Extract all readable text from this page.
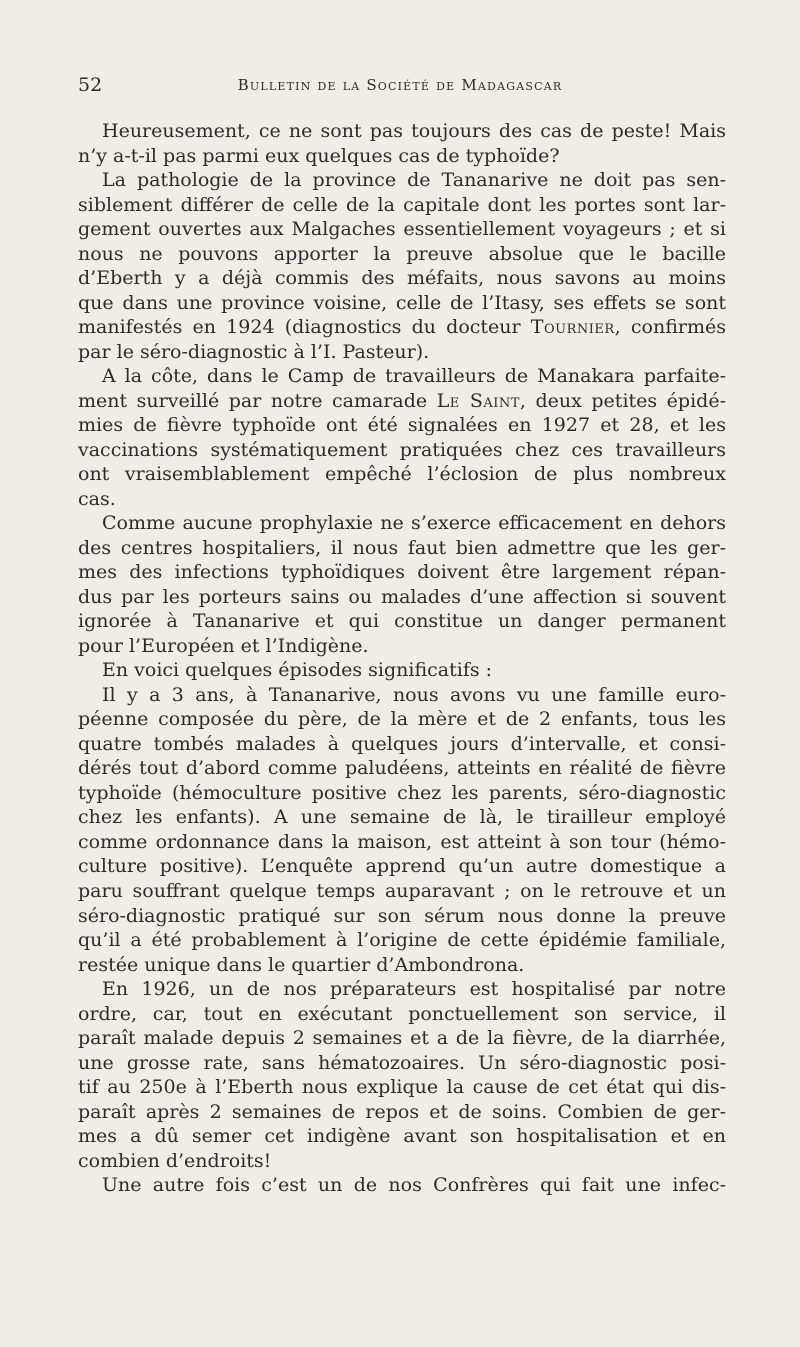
52	Bulletin de la Société de Madagascar
Heureusement, ce ne sont pas toujours des cas de peste! Mais
n’y a-t-il pas parmi eux quelques cas de typhoïde?
La pathologie de la province de Tananarive ne doit pas sen-
siblement différer de celle de la capitale dont les portes sont lar-
gement ouvertes aux Malgaches essentiellement voyageurs ; et si
nous ne pouvons apporter la preuve absolue que le bacille
d’Eberth y a déjà commis des méfaits, nous savons au moins
que dans une province voisine, celle de l’Itasy, ses effets se sont
manifestés en 1924 (diagnostics du docteur Tournier, confirmés
par le séro-diagnostic à l’I. Pasteur).
A la côte, dans le Camp de travailleurs de Manakara parfaite-
ment surveillé par notre camarade Le Saint, deux petites épidé-
mies de fièvre typhoïde ont été signalées en 1927 et 28, et les
vaccinations systématiquement pratiquées chez ces travailleurs
ont vraisemblablement empêché l’éclosion de plus nombreux
cas.
Comme aucune prophylaxie ne s’exerce efficacement en dehors
des centres hospitaliers, il nous faut bien admettre que les ger-
mes des infections typhoïdiques doivent être largement répan-
dus par les porteurs sains ou malades d’une affection si souvent
ignorée à Tananarive et qui constitue un danger permanent
pour l’Européen et l’Indigène.
En voici quelques épisodes significatifs :
Il y a 3 ans, à Tananarive, nous avons vu une famille euro-
péenne composée du père, de la mère et de 2 enfants, tous les
quatre tombés malades à quelques jours d’intervalle, et consi-
dérés tout d’abord comme paludéens, atteints en réalité de fièvre
typhoïde (hémoculture positive chez les parents, séro-diagnostic
chez les enfants). A une semaine de là, le tirailleur employé
comme ordonnance dans la maison, est atteint à son tour (hémo-
culture positive). L’enquête apprend qu’un autre domestique a
paru souffrant quelque temps auparavant ; on le retrouve et un
séro-diagnostic pratiqué sur son sérum nous donne la preuve
qu’il a été probablement à l’origine de cette épidémie familiale,
restée unique dans le quartier d’Ambondrona.
En 1926, un de nos préparateurs est hospitalisé par notre
ordre, car, tout en exécutant ponctuellement son service, il
paraît malade depuis 2 semaines et a de la fièvre, de la diarrhée,
une grosse rate, sans hématozoaires. Un séro-diagnostic posi-
tif au 250e à l’Eberth nous explique la cause de cet état qui dis-
paraît après 2 semaines de repos et de soins. Combien de ger-
mes a dû semer cet indigène avant son hospitalisation et en
combien d’endroits!
Une autre fois c’est un de nos Confrères qui fait une infec-
